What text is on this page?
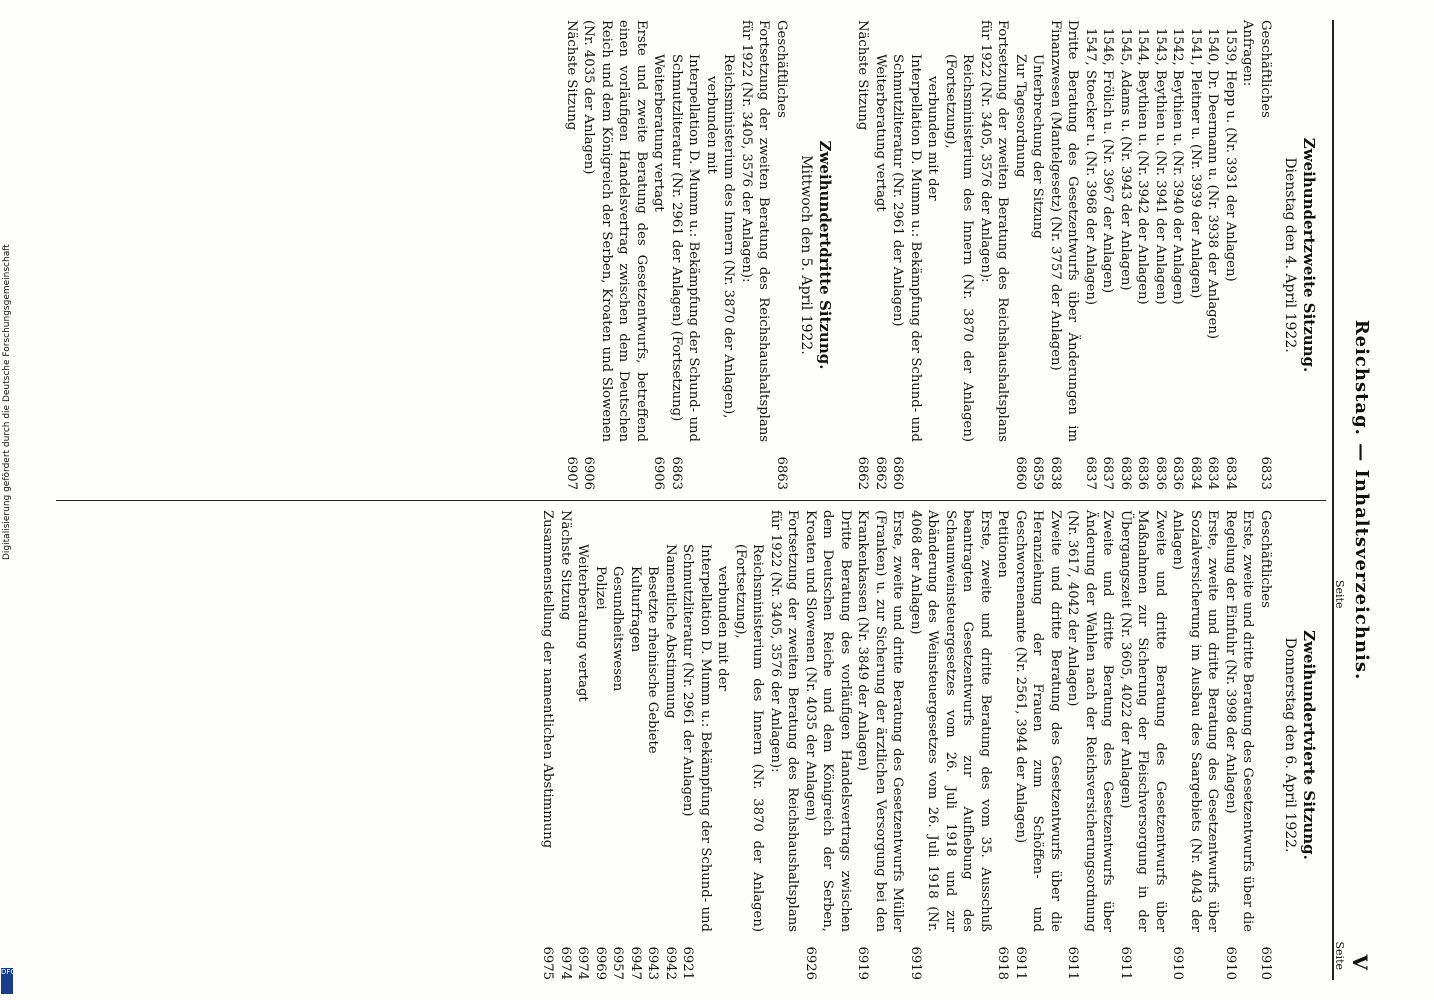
Digitalisierung gefördert durch die Deutsche Forschungsgemeinschaft
DFG
Reichstag. — Inhaltsverzeichnis.
V
Seite
Seite
Zweihundertzweite Sitzung.
Dienstag den 4. April 1922.
Geschäftliches
6833
Anfragen:
1539, Hepp u. (Nr. 3931 der Anlagen)
6834
1540, Dr. Deermann u. (Nr. 3938 der Anlagen)
6834
1541, Pleitner u. (Nr. 3939 der Anlagen)
6834
1542, Beythien u. (Nr. 3940 der Anlagen)
6836
1543, Beythien u. (Nr. 3941 der Anlagen)
6836
1544, Beythien u. (Nr. 3942 der Anlagen)
6836
1545, Adams u. (Nr. 3943 der Anlagen)
6836
1546, Frölich u. (Nr. 3967 der Anlagen)
6837
1547, Stoecker u. (Nr. 3968 der Anlagen)
6837
Dritte Beratung des Gesetzentwurfs über Änderungen im Finanzwesen (Mantelgesetz) (Nr. 3757 der Anlagen)
6838
Unterbrechung der Sitzung
6859
Zur Tagesordnung
6860
Fortsetzung der zweiten Beratung des Reichshaushaltsplans für 1922 (Nr. 3405, 3576 der Anlagen):
Reichsministerium des Innern (Nr. 3870 der Anlagen) (Fortsetzung),
verbunden mit der
Interpellation D. Mumm u.: Bekämpfung der Schund- und Schmutzliteratur (Nr. 2961 der Anlagen)
6860
Weiterberatung vertagt
6862
Nächste Sitzung
6862
Zweihundertdritte Sitzung.
Mittwoch den 5. April 1922.
Geschäftliches
6863
Fortsetzung der zweiten Beratung des Reichshaushaltsplans für 1922 (Nr. 3405, 3576 der Anlagen):
Reichsministerium des Innern (Nr. 3870 der Anlagen),
verbunden mit
Interpellation D. Mumm u.: Bekämpfung der Schund- und Schmutzliteratur (Nr. 2961 der Anlagen) (Fortsetzung)
6863
Weiterberatung vertagt
6906
Erste und zweite Beratung des Gesetzentwurfs, betreffend einen vorläufigen Handelsvertrag zwischen dem Deutschen Reich und dem Königreich der Serben, Kroaten und Slowenen (Nr. 4035 der Anlagen)
6906
Nächste Sitzung
6907
Zweihundertvierte Sitzung.
Donnerstag den 6. April 1922.
Geschäftliches
6910
Erste, zweite und dritte Beratung des Gesetzentwurfs über die Regelung der Einfuhr (Nr. 3998 der Anlagen)
6910
Erste, zweite und dritte Beratung des Gesetzentwurfs über Sozialversicherung im Ausbau des Saargebiets (Nr. 4043 der Anlagen)
6910
Zweite und dritte Beratung des Gesetzentwurfs über Maßnahmen zur Sicherung der Fleischversorgung in der Übergangszeit (Nr. 3605, 4022 der Anlagen)
6911
Zweite und dritte Beratung des Gesetzentwurfs über Änderung der Wahlen nach der Reichsversicherungsordnung (Nr. 3617, 4042 der Anlagen)
6911
Zweite und dritte Beratung des Gesetzentwurfs über die Heranziehung der Frauen zum Schöffen- und Geschworenenamte (Nr. 2561, 3944 der Anlagen)
6911
Petitionen
6918
Erste, zweite und dritte Beratung des vom 35. Ausschuß beantragten Gesetzentwurfs zur Aufhebung des Schaumweinsteuergesetzes vom 26. Juli 1918 und zur Abänderung des Weinsteuergesetzes vom 26. Juli 1918 (Nr. 4068 der Anlagen)
6919
Erste, zweite und dritte Beratung des Gesetzentwurfs Müller (Franken) u. zur Sicherung der ärztlichen Versorgung bei den Krankenkassen (Nr. 3849 der Anlagen)
6919
Dritte Beratung des vorläufigen Handelsvertrags zwischen dem Deutschen Reiche und dem Königreich der Serben, Kroaten und Slowenen (Nr. 4035 der Anlagen)
6926
Fortsetzung der zweiten Beratung des Reichshaushaltsplans für 1922 (Nr. 3405, 3576 der Anlagen):
Reichsministerium des Innern (Nr. 3870 der Anlagen) (Fortsetzung),
verbunden mit der
Interpellation D. Mumm u.: Bekämpfung der Schund- und Schmutzliteratur (Nr. 2961 der Anlagen)
6921
Namentliche Abstimmung
6942
Besetzte rheinische Gebiete
6943
Kulturfragen
6947
Gesundheitswesen
6957
Polizei
6969
Weiterberatung vertagt
6974
Nächste Sitzung
6974
Zusammenstellung der namentlichen Abstimmung
6975
